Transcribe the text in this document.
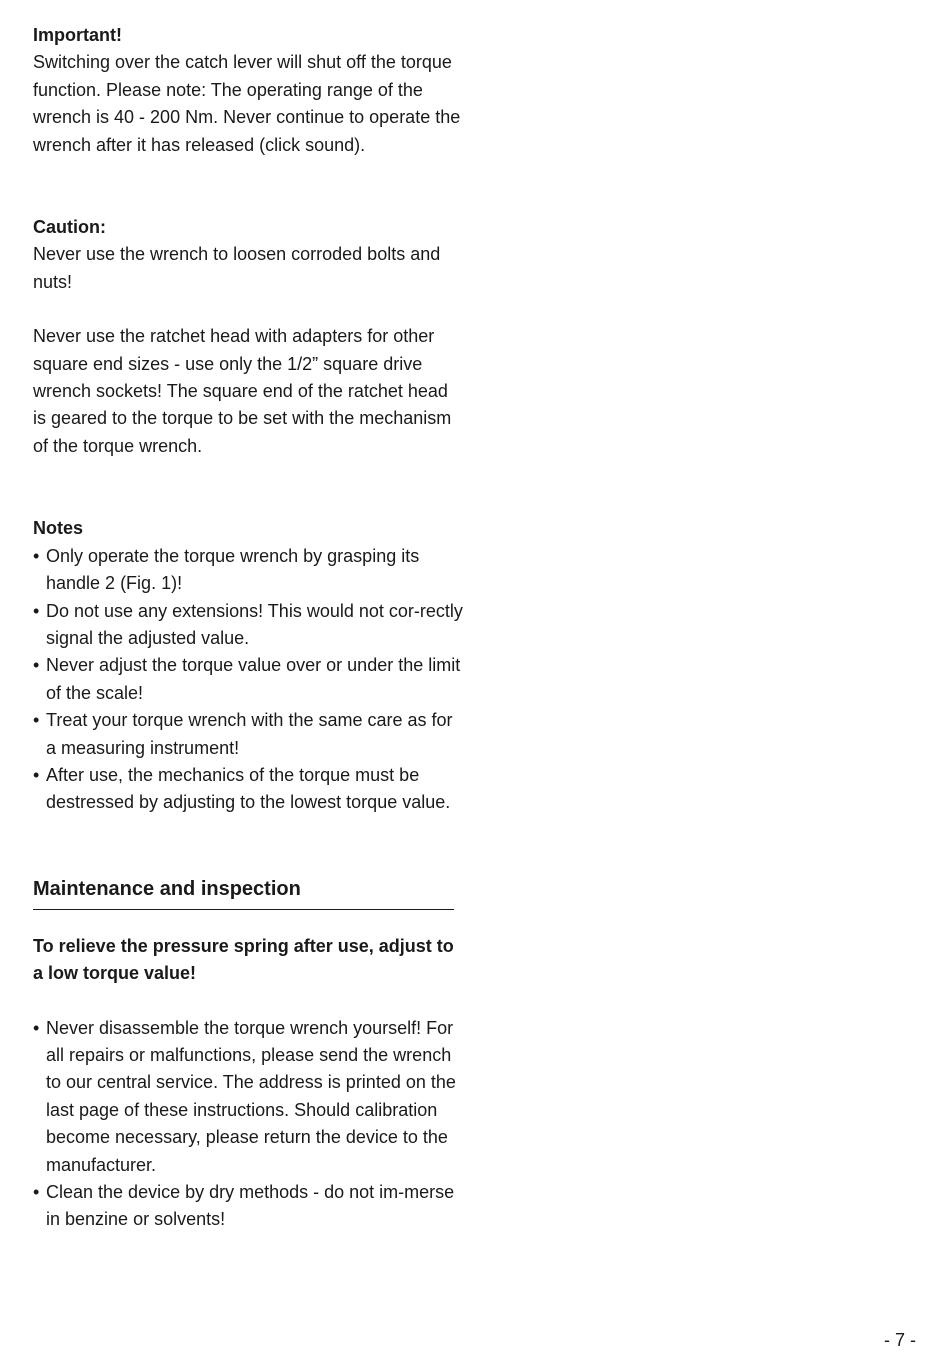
Important!

Switching over the catch lever will shut off the torque function. Please note: The operating range of the wrench is 40 - 200 Nm. Never continue to operate the wrench after it has released (click sound).

Caution:

Never use the wrench to loosen corroded bolts and nuts!

Never use the ratchet head with adapters for other square end sizes - use only the 1/2” square drive wrench sockets! The square end of the ratchet head is geared to the torque to be set with the mechanism of the torque wrench.

Notes

• Only operate the torque wrench by grasping its handle 2 (Fig. 1)!
• Do not use any extensions! This would not cor-rectly signal the adjusted value.
• Never adjust the torque value over or under the limit of the scale!
• Treat your torque wrench with the same care as for a measuring instrument!
• After use, the mechanics of the torque must be destressed by adjusting to the lowest torque value.
Maintenance and inspection

To relieve the pressure spring after use, adjust to a low torque value!

• Never disassemble the torque wrench yourself! For all repairs or malfunctions, please send the wrench to our central service. The address is printed on the last page of these instructions. Should calibration become necessary, please return the device to the manufacturer.
• Clean the device by dry methods - do not im-merse in benzine or solvents!
- 7 -
